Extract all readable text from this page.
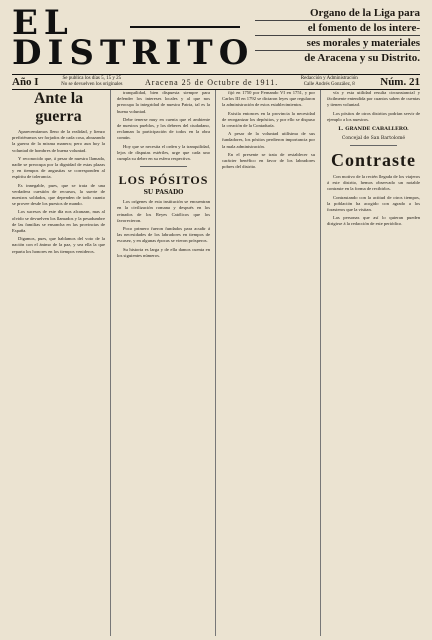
EL
DISTRITO
Organo de la Liga para
el fomento de los intere-
ses morales y materiales
de Aracena y su Distrito.
Año I	Se publica los días 5, 15 y 25
No se devuelven los originales	Aracena 25 de Octubre de 1911.	Redacción y Administración
Calle Andrés González, 8 Núm. 21
Ante la guerra

Aparecemíamos lleno de la realidad, y lienzo prefiriéramos ser forjados de cada cosa, abrazando la guerra de la misma manera; pero aun hoy la voluntad de hombres de buena voluntad.

Y reconocido que, á pesar de nuestra llamada, nadie se preocupa por la dignidad de estas plazas y en tiempos de angustias se corresponden al espíritu de tolerancia.

Es innegable, pues, que se trata de una verdadera cuestión de recursos, la suerte de nuestros soldados, que dependen de todo cuanto se provee desde los puestos de mando.

Los sucesos de este día nos alcanzan, mas al olvido se devuelven los llamados y la pesadumbre de las familias se ensancha en las provincias de España.

Digamos, pues, que hablamos del voto de la nación con el ánimo de la paz, y sea ella la que reparta los honores en los tiempos venideros.

tranquilidad, bien dispuesta siempre para defender los intereses locales y al que nos preocupa la integridad de nuestra Patria, tal es la buena voluntad.

Debe tenerse muy en cuenta que el ambiente de nuestros pueblos, y los deberes del ciudadano, reclaman la participación de todos en la obra común.

Hoy que se necesita el orden y la tranquilidad, lejos de disputas estériles, urge que cada uno cumpla su deber en su esfera respectiva.

LOS PÓSITOS
SU PASADO

Los orígenes de esta institución se encuentran en la civilización romana y después en los reinados de los Reyes Católicos que los favorecieron.

Poco primero fueron fundados para acudir á las necesidades de los labradores en tiempos de escasez, y en algunas épocas se vieron prósperos.

Su historia es larga y de ella damos cuenta en los siguientes números.

fijó en 1750 por Fernando VI en 1751, y por Carlos III en 1792 se dictaron leyes que regularon la administración de estos establecimientos.

Existía entonces en la provincia la necesidad de reorganizar los depósitos, y por ello se dispuso la creación de la Contaduría.

A pesar de la voluntad utilísima de sus fundadores, los pósitos perdieron importancia por la mala administración.

En el presente se trata de restablecer su carácter benéfico en favor de los labradores pobres del distrito.

vía y esta utilidad resulta circunstancial y fácilmente entendida por cuantos saben de cuentas y tienen voluntad.

Los pósitos de otros distritos podrían servir de ejemplo a los nuestros.

L. GRANDE CABALLERO.
Concejal de San Bartolomé
Contraste

Con motivo de la recién llegada de los viajeros á este distrito, hemos observado un notable contraste en la forma de recibirlos.

Contrastando con la actitud de otros tiempos, la población ha acogido con agrado a los forasteros que la visitan.

Las personas que así lo quieran pueden dirigirse á la redacción de este periódico.
